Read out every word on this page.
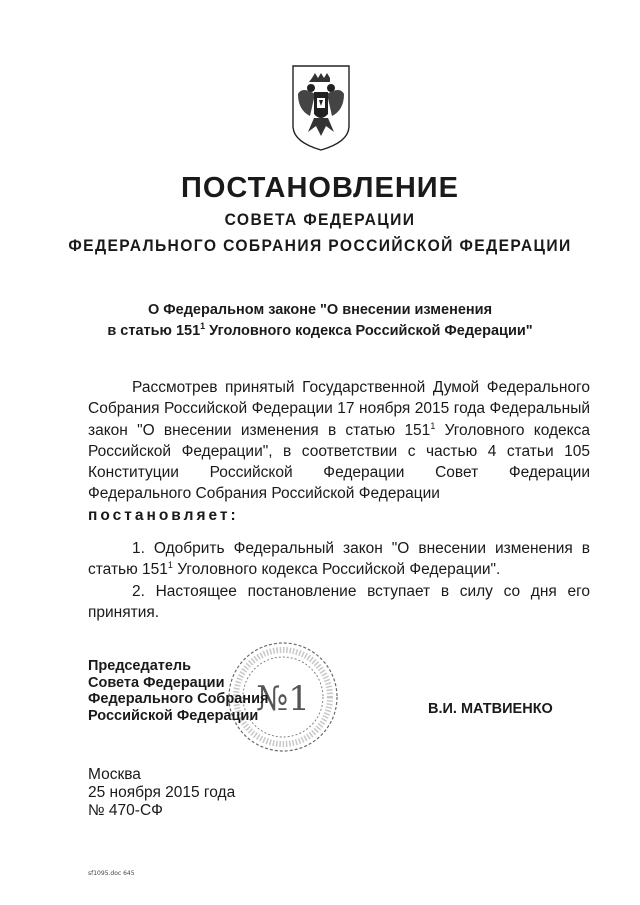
ПОСТАНОВЛЕНИЕ
СОВЕТА ФЕДЕРАЦИИ
ФЕДЕРАЛЬНОГО СОБРАНИЯ РОССИЙСКОЙ ФЕДЕРАЦИИ
О Федеральном законе "О внесении изменения
в статью $151^1$ Уголовного кодекса Российской Федерации"

Рассмотрев принятый Государственной Думой Федерального Собрания Российской Федерации 17 ноября 2015 года Федеральный закон "О внесении изменения в статью $151^1$ Уголовного кодекса Российской Федерации", в соответствии с частью 4 статьи 105 Конституции Российской Федерации Совет Федерации Федерального Собрания Российской Федерации

постановляет:

1. Одобрить Федеральный закон "О внесении изменения в статью $151^1$ Уголовного кодекса Российской Федерации".

2. Настоящее постановление вступает в силу со дня его принятия.

№1
Председатель
Совета Федерации
Федерального Собрания
Российской Федерации	В.И. МАТВИЕНКО
Москва
25 ноября 2015 года
№ 470-СФ
sf1095.doc 645
